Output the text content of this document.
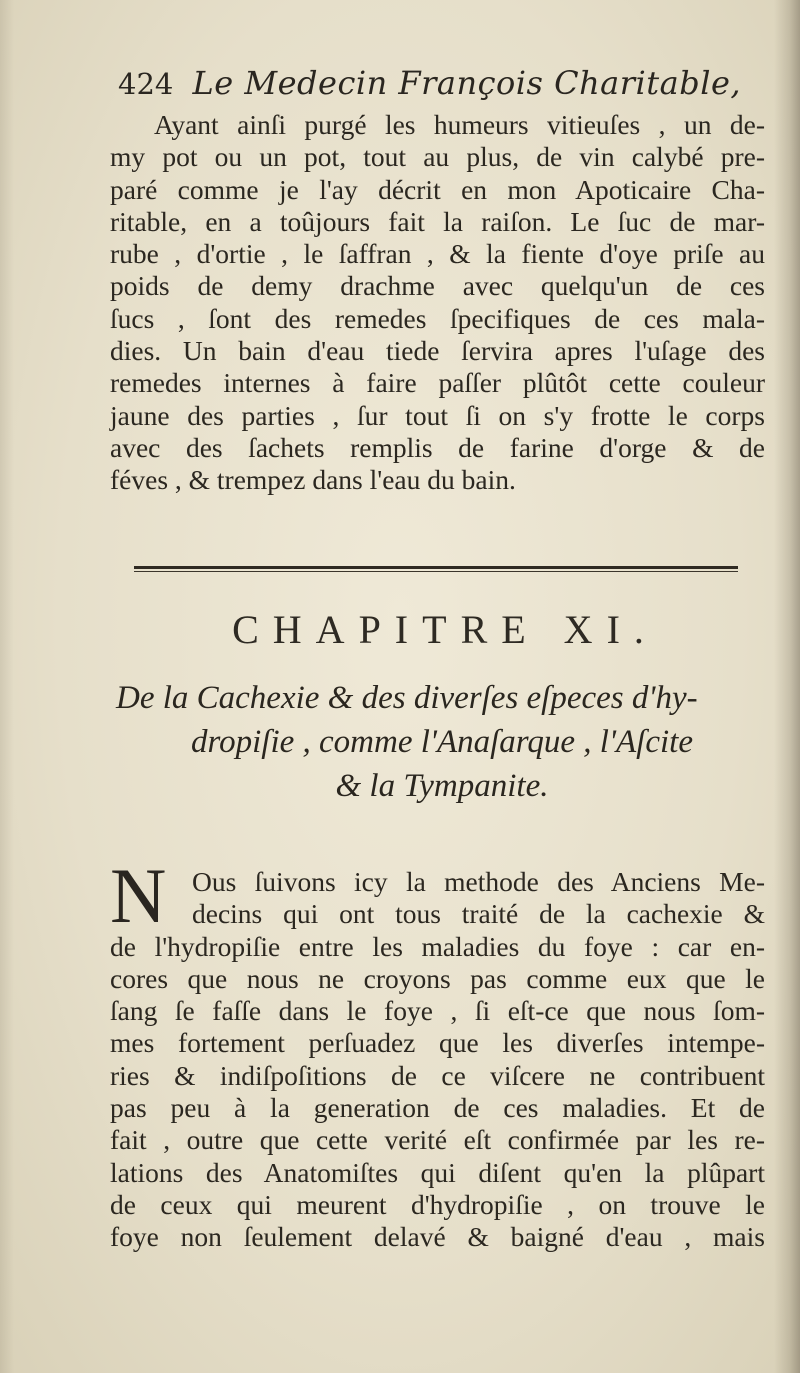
424 Le Medecin François Charitable,
Ayant ainſi purgé les humeurs vitieuſes , un de-
my pot ou un pot, tout au plus, de vin calybé pre-
paré comme je l'ay décrit en mon Apoticaire Cha-
ritable, en a toûjours fait la raiſon. Le ſuc de mar-
rube , d'ortie , le ſaffran , & la fiente d'oye priſe au
poids de demy drachme avec quelqu'un de ces
ſucs , ſont des remedes ſpecifiques de ces mala-
dies. Un bain d'eau tiede ſervira apres l'uſage des
remedes internes à faire paſſer plûtôt cette couleur
jaune des parties , ſur tout ſi on s'y frotte le corps
avec des ſachets remplis de farine d'orge & de
féves , & trempez dans l'eau du bain.
CHAPITRE XI.
De la Cachexie & des diverſes eſpeces d'hy-
dropiſie , comme l'Anaſarque , l'Aſcite
& la Tympanite.
N Ous ſuivons icy la methode des Anciens Me-
decins qui ont tous traité de la cachexie &
de l'hydropiſie entre les maladies du foye : car en-
cores que nous ne croyons pas comme eux que le
ſang ſe faſſe dans le foye , ſi eſt-ce que nous ſom-
mes fortement perſuadez que les diverſes intempe-
ries & indiſpoſitions de ce viſcere ne contribuent
pas peu à la generation de ces maladies. Et de
fait , outre que cette verité eſt confirmée par les re-
lations des Anatomiſtes qui diſent qu'en la plûpart
de ceux qui meurent d'hydropiſie , on trouve le
foye non ſeulement delavé & baigné d'eau , mais
